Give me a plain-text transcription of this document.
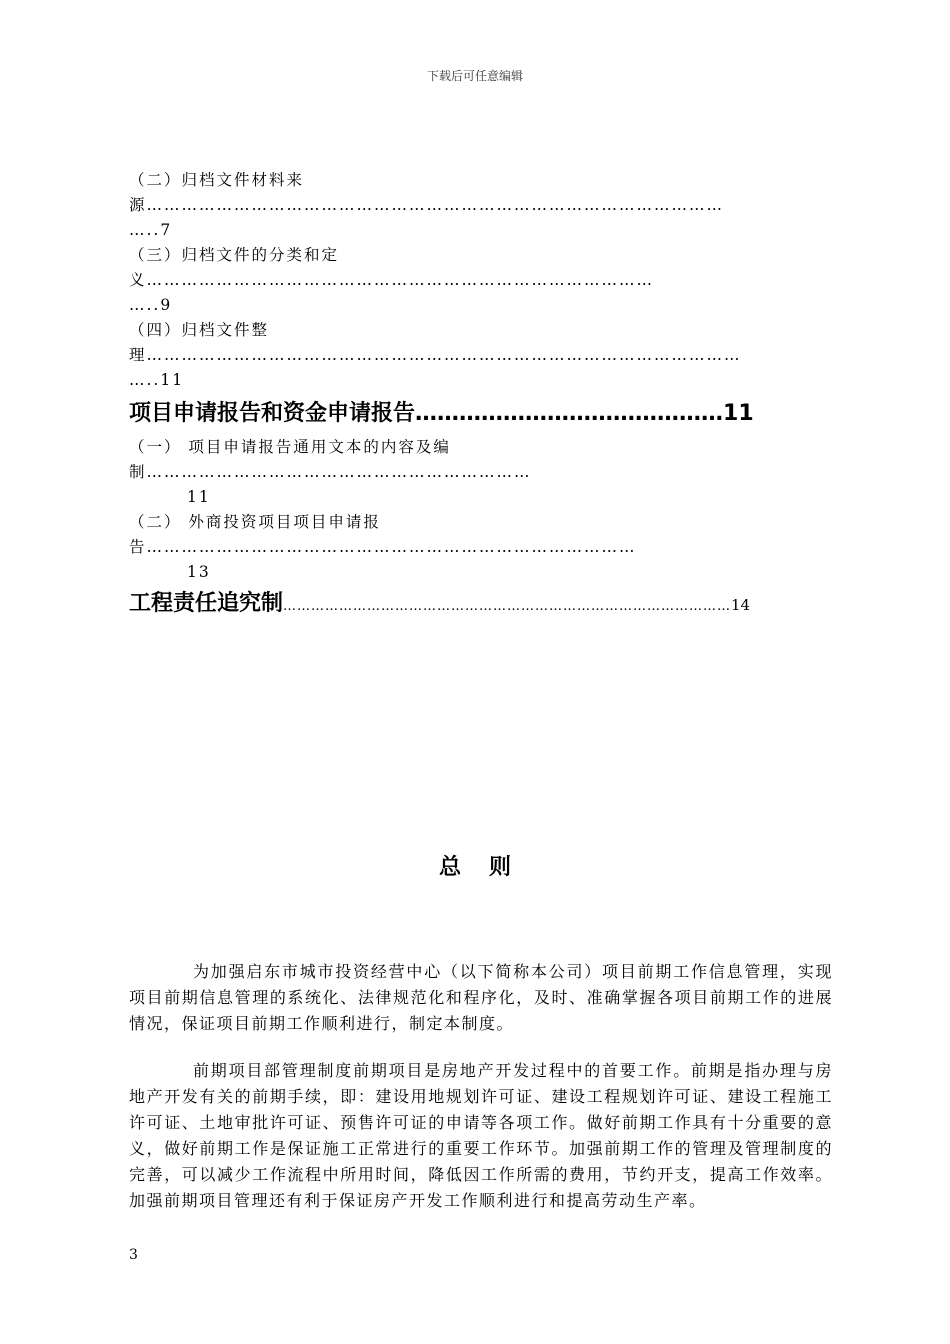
下载后可任意编辑
（二）归档文件材料来源………………………………………………………………………………………
…..7
（三）归档文件的分类和定义……………………………………………………………………………
…..9
（四）归档文件整理…………………………………………………………………………………………
…..11
项目申请报告和资金申请报告……………………………………11
（一） 项目申请报告通用文本的内容及编制…………………………………………………………
11
（二） 外商投资项目项目申请报告…………………………………………………………………………
13
工程责任追究制……………………………………………………………………………………14
总则

为加强启东市城市投资经营中心（以下简称本公司）项目前期工作信息管理，实现项目前期信息管理的系统化、法律规范化和程序化，及时、准确掌握各项目前期工作的进展情况，保证项目前期工作顺利进行，制定本制度。

前期项目部管理制度前期项目是房地产开发过程中的首要工作。前期是指办理与房地产开发有关的前期手续，即：建设用地规划许可证、建设工程规划许可证、建设工程施工许可证、土地审批许可证、预售许可证的申请等各项工作。做好前期工作具有十分重要的意义，做好前期工作是保证施工正常进行的重要工作环节。加强前期工作的管理及管理制度的完善，可以减少工作流程中所用时间，降低因工作所需的费用，节约开支，提高工作效率。加强前期项目管理还有利于保证房产开发工作顺利进行和提高劳动生产率。

3
